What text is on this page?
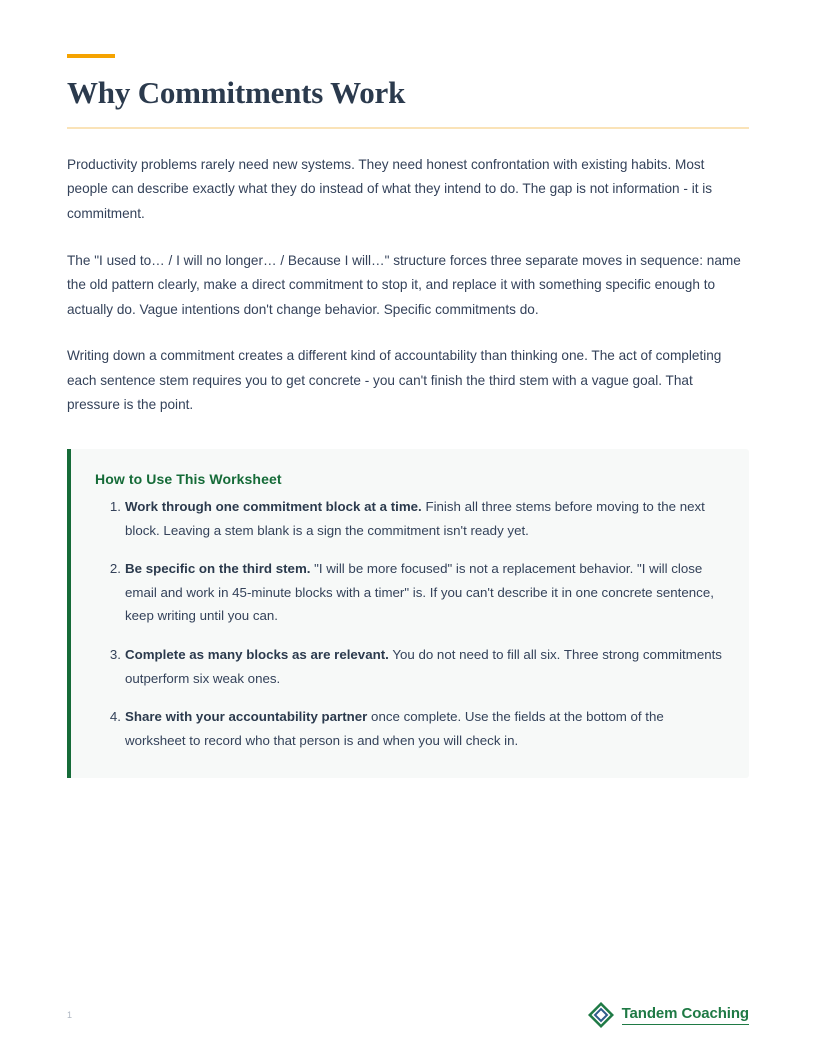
Why Commitments Work

Productivity problems rarely need new systems. They need honest confrontation with existing habits. Most people can describe exactly what they do instead of what they intend to do. The gap is not information - it is commitment.

The "I used to… / I will no longer… / Because I will…" structure forces three separate moves in sequence: name the old pattern clearly, make a direct commitment to stop it, and replace it with something specific enough to actually do. Vague intentions don't change behavior. Specific commitments do.

Writing down a commitment creates a different kind of accountability than thinking one. The act of completing each sentence stem requires you to get concrete - you can't finish the third stem with a vague goal. That pressure is the point.

How to Use This Worksheet
Work through one commitment block at a time. Finish all three stems before moving to the next block. Leaving a stem blank is a sign the commitment isn't ready yet.
Be specific on the third stem. "I will be more focused" is not a replacement behavior. "I will close email and work in 45-minute blocks with a timer" is. If you can't describe it in one concrete sentence, keep writing until you can.
Complete as many blocks as are relevant. You do not need to fill all six. Three strong commitments outperform six weak ones.
Share with your accountability partner once complete. Use the fields at the bottom of the worksheet to record who that person is and when you will check in.
1	Tandem Coaching
